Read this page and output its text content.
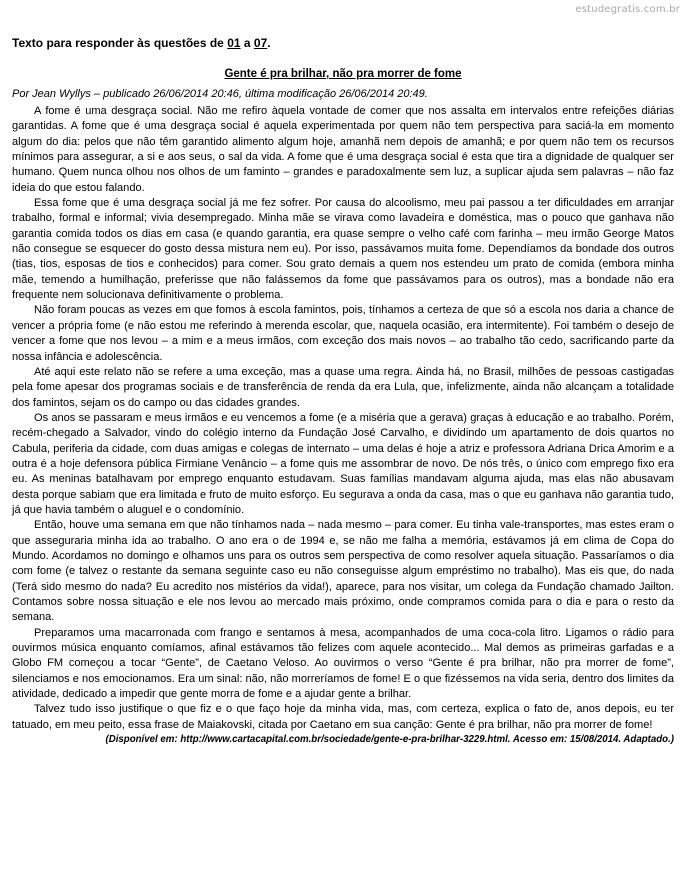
estudegratis.com.br

Texto para responder às questões de 01 a 07.

Gente é pra brilhar, não pra morrer de fome

Por Jean Wyllys – publicado 26/06/2014 20:46, última modificação 26/06/2014 20:49.

A fome é uma desgraça social. Não me refiro àquela vontade de comer que nos assalta em intervalos entre refeições diárias garantidas. A fome que é uma desgraça social é aquela experimentada por quem não tem perspectiva para saciá-la em momento algum do dia: pelos que não têm garantido alimento algum hoje, amanhã nem depois de amanhã; e por quem não tem os recursos mínimos para assegurar, a si e aos seus, o sal da vida. A fome que é uma desgraça social é esta que tira a dignidade de qualquer ser humano. Quem nunca olhou nos olhos de um faminto – grandes e paradoxalmente sem luz, a suplicar ajuda sem palavras – não faz ideia do que estou falando.

Essa fome que é uma desgraça social já me fez sofrer. Por causa do alcoolismo, meu pai passou a ter dificuldades em arranjar trabalho, formal e informal; vivia desempregado. Minha mãe se virava como lavadeira e doméstica, mas o pouco que ganhava não garantia comida todos os dias em casa (e quando garantia, era quase sempre o velho café com farinha – meu irmão George Matos não consegue se esquecer do gosto dessa mistura nem eu). Por isso, passávamos muita fome. Dependíamos da bondade dos outros (tias, tios, esposas de tios e conhecidos) para comer. Sou grato demais a quem nos estendeu um prato de comida (embora minha mãe, temendo a humilhação, preferisse que não falássemos da fome que passávamos para os outros), mas a bondade não era frequente nem solucionava definitivamente o problema.

Não foram poucas as vezes em que fomos à escola famintos, pois, tínhamos a certeza de que só a escola nos daria a chance de vencer a própria fome (e não estou me referindo à merenda escolar, que, naquela ocasião, era intermitente). Foi também o desejo de vencer a fome que nos levou – a mim e a meus irmãos, com exceção dos mais novos – ao trabalho tão cedo, sacrificando parte da nossa infância e adolescência.

Até aqui este relato não se refere a uma exceção, mas a quase uma regra. Ainda há, no Brasil, milhões de pessoas castigadas pela fome apesar dos programas sociais e de transferência de renda da era Lula, que, infelizmente, ainda não alcançam a totalidade dos famintos, sejam os do campo ou das cidades grandes.

Os anos se passaram e meus irmãos e eu vencemos a fome (e a miséria que a gerava) graças à educação e ao trabalho. Porém, recém-chegado a Salvador, vindo do colégio interno da Fundação José Carvalho, e dividindo um apartamento de dois quartos no Cabula, periferia da cidade, com duas amigas e colegas de internato – uma delas é hoje a atriz e professora Adriana Drica Amorim e a outra é a hoje defensora pública Firmiane Venâncio – a fome quis me assombrar de novo. De nós três, o único com emprego fixo era eu. As meninas batalhavam por emprego enquanto estudavam. Suas famílias mandavam alguma ajuda, mas elas não abusavam desta porque sabiam que era limitada e fruto de muito esforço. Eu segurava a onda da casa, mas o que eu ganhava não garantia tudo, já que havia também o aluguel e o condomínio.

Então, houve uma semana em que não tínhamos nada – nada mesmo – para comer. Eu tinha vale-transportes, mas estes eram o que asseguraria minha ida ao trabalho. O ano era o de 1994 e, se não me falha a memória, estávamos já em clima de Copa do Mundo. Acordamos no domingo e olhamos uns para os outros sem perspectiva de como resolver aquela situação. Passaríamos o dia com fome (e talvez o restante da semana seguinte caso eu não conseguisse algum empréstimo no trabalho). Mas eis que, do nada (Terá sido mesmo do nada? Eu acredito nos mistérios da vida!), aparece, para nos visitar, um colega da Fundação chamado Jailton. Contamos sobre nossa situação e ele nos levou ao mercado mais próximo, onde compramos comida para o dia e para o resto da semana.

Preparamos uma macarronada com frango e sentamos à mesa, acompanhados de uma coca-cola litro. Ligamos o rádio para ouvirmos música enquanto comíamos, afinal estávamos tão felizes com aquele acontecido... Mal demos as primeiras garfadas e a Globo FM começou a tocar “Gente”, de Caetano Veloso. Ao ouvirmos o verso “Gente é pra brilhar, não pra morrer de fome”, silenciamos e nos emocionamos. Era um sinal: não, não morreríamos de fome! E o que fizéssemos na vida seria, dentro dos limites da atividade, dedicado a impedir que gente morra de fome e a ajudar gente a brilhar.

Talvez tudo isso justifique o que fiz e o que faço hoje da minha vida, mas, com certeza, explica o fato de, anos depois, eu ter tatuado, em meu peito, essa frase de Maiakovski, citada por Caetano em sua canção: Gente é pra brilhar, não pra morrer de fome!

(Disponível em: http://www.cartacapital.com.br/sociedade/gente-e-pra-brilhar-3229.html. Acesso em: 15/08/2014. Adaptado.)
